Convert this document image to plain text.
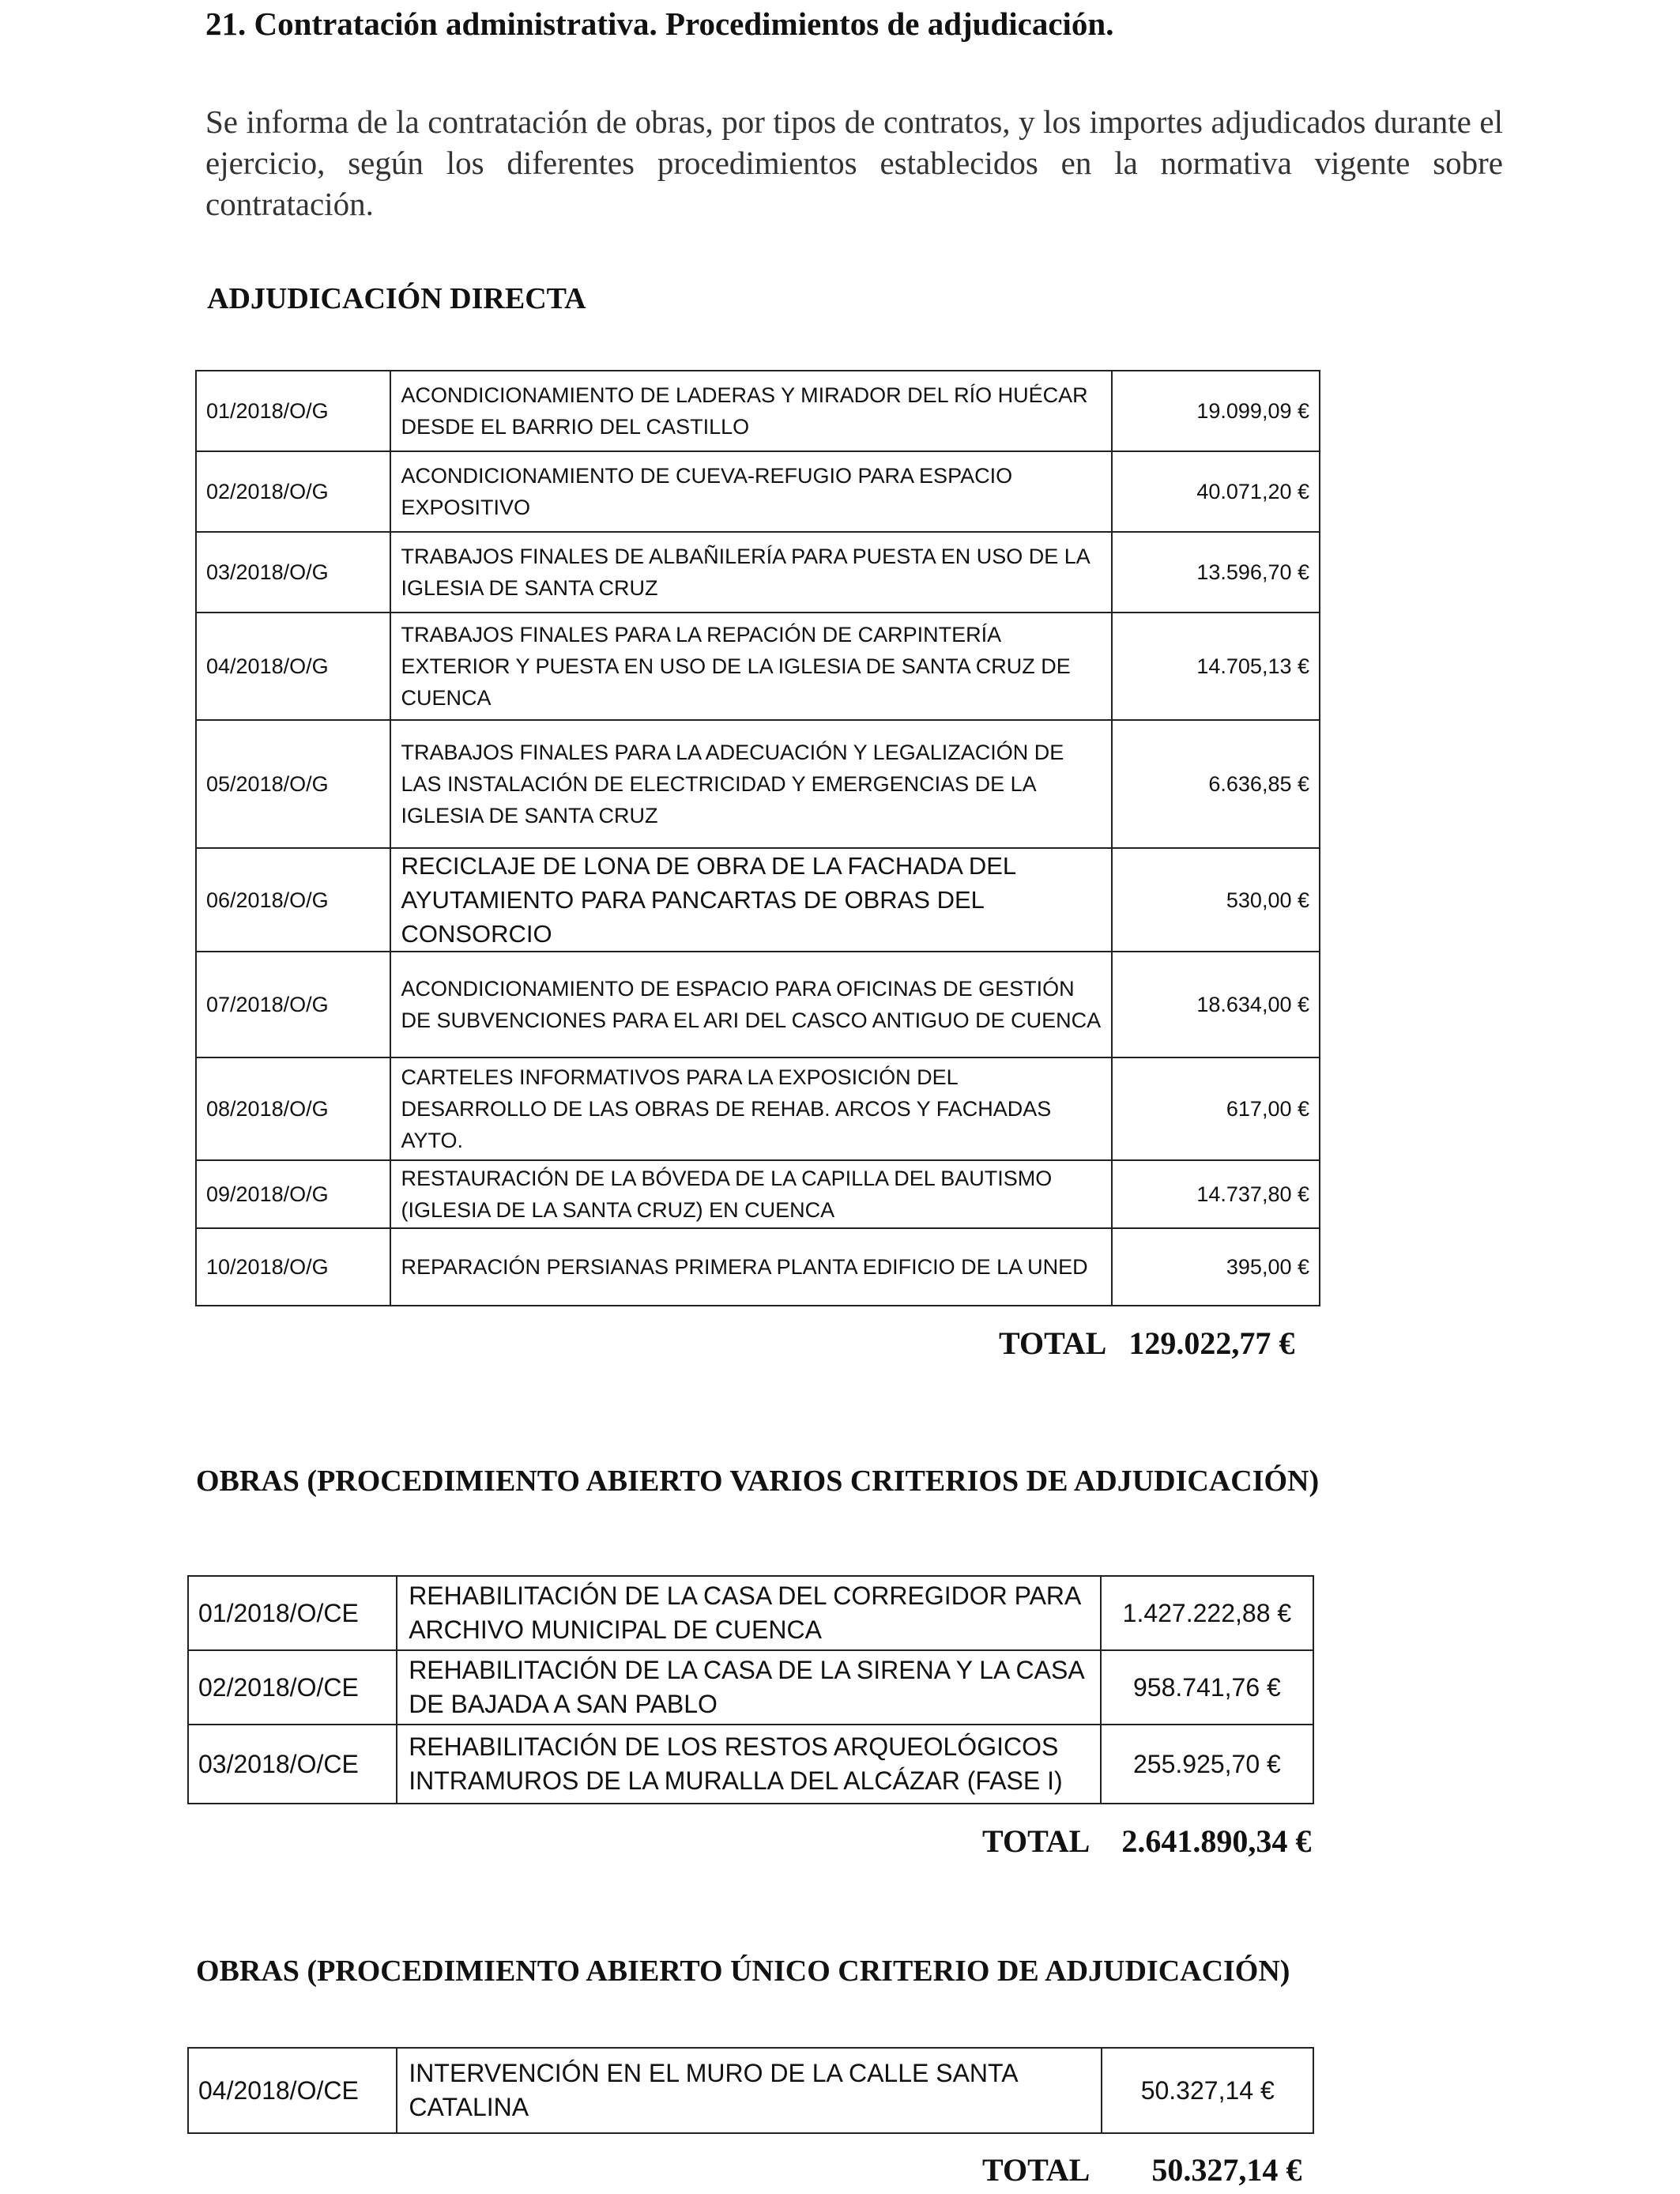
21. Contratación administrativa. Procedimientos de adjudicación.
Se informa de la contratación de obras, por tipos de contratos, y los importes adjudicados durante el ejercicio, según los diferentes procedimientos establecidos en la normativa vigente sobre contratación.
ADJUDICACIÓN DIRECTA
01/2018/O/G	ACONDICIONAMIENTO DE LADERAS Y MIRADOR DEL RÍO HUÉCAR DESDE EL BARRIO DEL CASTILLO	19.099,09 €
02/2018/O/G	ACONDICIONAMIENTO DE CUEVA-REFUGIO PARA ESPACIO EXPOSITIVO	40.071,20 €
03/2018/O/G	TRABAJOS FINALES DE ALBAÑILERÍA PARA PUESTA EN USO DE LA IGLESIA DE SANTA CRUZ	13.596,70 €
04/2018/O/G	TRABAJOS FINALES PARA LA REPACIÓN DE CARPINTERÍA EXTERIOR Y PUESTA EN USO DE LA IGLESIA DE SANTA CRUZ DE CUENCA	14.705,13 €
05/2018/O/G	TRABAJOS FINALES PARA LA ADECUACIÓN Y LEGALIZACIÓN DE LAS INSTALACIÓN DE ELECTRICIDAD Y EMERGENCIAS DE LA IGLESIA DE SANTA CRUZ	6.636,85 €
06/2018/O/G	RECICLAJE DE LONA DE OBRA DE LA FACHADA DEL AYUTAMIENTO PARA PANCARTAS DE OBRAS DEL CONSORCIO	530,00 €
07/2018/O/G	ACONDICIONAMIENTO DE ESPACIO PARA OFICINAS DE GESTIÓN DE SUBVENCIONES PARA EL ARI DEL CASCO ANTIGUO DE CUENCA	18.634,00 €
08/2018/O/G	CARTELES INFORMATIVOS PARA LA EXPOSICIÓN DEL DESARROLLO DE LAS OBRAS DE REHAB. ARCOS Y FACHADAS AYTO.	617,00 €
09/2018/O/G	RESTAURACIÓN DE LA BÓVEDA DE LA CAPILLA DEL BAUTISMO (IGLESIA DE LA SANTA CRUZ) EN CUENCA	14.737,80 €
10/2018/O/G	REPARACIÓN PERSIANAS PRIMERA PLANTA EDIFICIO DE LA UNED	395,00 €
TOTAL 129.022,77 €
OBRAS (PROCEDIMIENTO ABIERTO VARIOS CRITERIOS DE ADJUDICACIÓN)
01/2018/O/CE	REHABILITACIÓN DE LA CASA DEL CORREGIDOR PARA ARCHIVO MUNICIPAL DE CUENCA	1.427.222,88 €
02/2018/O/CE	REHABILITACIÓN DE LA CASA DE LA SIRENA Y LA CASA DE BAJADA A SAN PABLO	958.741,76 €
03/2018/O/CE	REHABILITACIÓN DE LOS RESTOS ARQUEOLÓGICOS INTRAMUROS DE LA MURALLA DEL ALCÁZAR (FASE I)	255.925,70 €
TOTAL 2.641.890,34 €
OBRAS (PROCEDIMIENTO ABIERTO ÚNICO CRITERIO DE ADJUDICACIÓN)
04/2018/O/CE	INTERVENCIÓN EN EL MURO DE LA CALLE SANTA CATALINA	50.327,14 €
TOTAL 50.327,14 €
